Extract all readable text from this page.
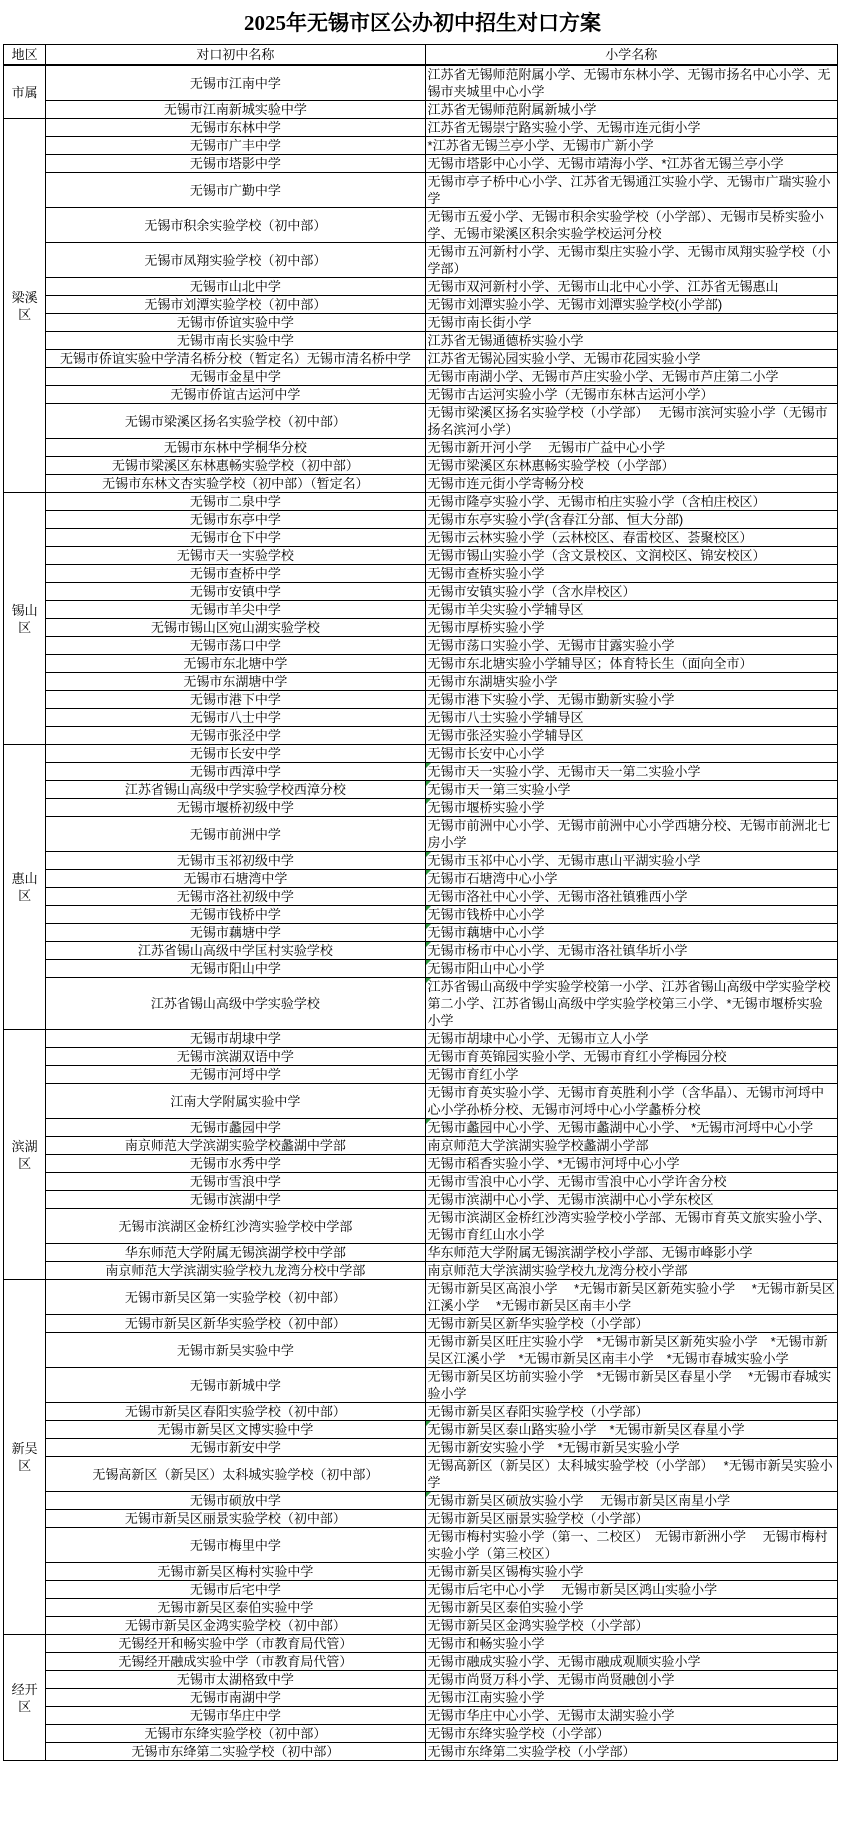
2025年无锡市区公办初中招生对口方案
地区	对口初中名称	小学名称
市属	无锡市江南中学	江苏省无锡师范附属小学、无锡市东林小学、无锡市扬名中心小学、无锡市夹城里中心小学
	无锡市江南新城实验中学	江苏省无锡师范附属新城小学
梁溪区	无锡市东林中学	江苏省无锡崇宁路实验小学、无锡市连元街小学
	无锡市广丰中学	*江苏省无锡兰亭小学、无锡市广新小学
	无锡市塔影中学	无锡市塔影中心小学、无锡市靖海小学、*江苏省无锡兰亭小学
	无锡市广勤中学	无锡市亭子桥中心小学、江苏省无锡通江实验小学、无锡市广瑞实验小学
	无锡市积余实验学校（初中部）	无锡市五爱小学、无锡市积余实验学校（小学部）、无锡市吴桥实验小学、无锡市梁溪区积余实验学校运河分校
	无锡市凤翔实验学校（初中部）	无锡市五河新村小学、无锡市梨庄实验小学、无锡市凤翔实验学校（小学部）
	无锡市山北中学	无锡市双河新村小学、无锡市山北中心小学、江苏省无锡惠山
	无锡市刘潭实验学校（初中部）	无锡市刘潭实验小学、无锡市刘潭实验学校(小学部)
	无锡市侨谊实验中学	无锡市南长街小学
	无锡市南长实验中学	江苏省无锡通德桥实验小学
	无锡市侨谊实验中学清名桥分校（暂定名）无锡市清名桥中学	江苏省无锡沁园实验小学、无锡市花园实验小学
	无锡市金星中学	无锡市南湖小学、无锡市芦庄实验小学、无锡市芦庄第二小学
	无锡市侨谊古运河中学	无锡市古运河实验小学（无锡市东林古运河小学）
	无锡市梁溪区扬名实验学校（初中部）	无锡市梁溪区扬名实验学校（小学部）　 无锡市滨河实验小学（无锡市扬名滨河小学）
	无锡市东林中学桐华分校	无锡市新开河小学　 无锡市广益中心小学
	无锡市梁溪区东林惠畅实验学校（初中部）	无锡市梁溪区东林惠畅实验学校（小学部）
	无锡市东林文杏实验学校（初中部）（暂定名）	无锡市连元街小学寄畅分校
锡山区	无锡市二泉中学	无锡市隆亭实验小学、无锡市柏庄实验小学（含柏庄校区）
	无锡市东亭中学	无锡市东亭实验小学(含春江分部、恒大分部)
	无锡市仓下中学	无锡市云林实验小学（云林校区、春雷校区、荟聚校区）
	无锡市天一实验学校	无锡市锡山实验小学（含文景校区、文润校区、锦安校区）
	无锡市查桥中学	无锡市查桥实验小学
	无锡市安镇中学	无锡市安镇实验小学（含水岸校区）
	无锡市羊尖中学	无锡市羊尖实验小学辅导区
	无锡市锡山区宛山湖实验学校	无锡市厚桥实验小学
	无锡市荡口中学	无锡市荡口实验小学、无锡市甘露实验小学
	无锡市东北塘中学	无锡市东北塘实验小学辅导区；体育特长生（面向全市）
	无锡市东湖塘中学	无锡市东湖塘实验小学
	无锡市港下中学	无锡市港下实验小学、无锡市勤新实验小学
	无锡市八士中学	无锡市八士实验小学辅导区
	无锡市张泾中学	无锡市张泾实验小学辅导区
惠山区	无锡市长安中学	无锡市长安中心小学
	无锡市西漳中学	无锡市天一实验小学、无锡市天一第二实验小学
	江苏省锡山高级中学实验学校西漳分校	无锡市天一第三实验小学
	无锡市堰桥初级中学	无锡市堰桥实验小学
	无锡市前洲中学	无锡市前洲中心小学、无锡市前洲中心小学西塘分校、无锡市前洲北七房小学
	无锡市玉祁初级中学	无锡市玉祁中心小学、无锡市惠山平湖实验小学
	无锡市石塘湾中学	无锡市石塘湾中心小学
	无锡市洛社初级中学	无锡市洛社中心小学、无锡市洛社镇雅西小学
	无锡市钱桥中学	无锡市钱桥中心小学
	无锡市藕塘中学	无锡市藕塘中心小学
	江苏省锡山高级中学匡村实验学校	无锡市杨市中心小学、无锡市洛社镇华圻小学
	无锡市阳山中学	无锡市阳山中心小学
	江苏省锡山高级中学实验学校	江苏省锡山高级中学实验学校第一小学、江苏省锡山高级中学实验学校第二小学、江苏省锡山高级中学实验学校第三小学、*无锡市堰桥实验小学
滨湖区	无锡市胡埭中学	无锡市胡埭中心小学、无锡市立人小学
	无锡市滨湖双语中学	无锡市育英锦园实验小学、无锡市育红小学梅园分校
	无锡市河埒中学	无锡市育红小学
	江南大学附属实验中学	无锡市育英实验小学、无锡市育英胜利小学（含华晶）、无锡市河埒中心小学孙桥分校、无锡市河埒中心小学蠡桥分校
	无锡市蠡园中学	无锡市蠡园中心小学、无锡市蠡湖中心小学、 *无锡市河埒中心小学
	南京师范大学滨湖实验学校蠡湖中学部	南京师范大学滨湖实验学校蠡湖小学部
	无锡市水秀中学	无锡市稻香实验小学、*无锡市河埒中心小学
	无锡市雪浪中学	无锡市雪浪中心小学、无锡市雪浪中心小学许舍分校
	无锡市滨湖中学	无锡市滨湖中心小学、无锡市滨湖中心小学东校区
	无锡市滨湖区金桥红沙湾实验学校中学部	无锡市滨湖区金桥红沙湾实验学校小学部、无锡市育英文旅实验小学、无锡市育红山水小学
	华东师范大学附属无锡滨湖学校中学部	华东师范大学附属无锡滨湖学校小学部、无锡市峰影小学
	南京师范大学滨湖实验学校九龙湾分校中学部	南京师范大学滨湖实验学校九龙湾分校小学部
新吴区	无锡市新吴区第一实验学校（初中部）	无锡市新吴区高浪小学　 *无锡市新吴区新苑实验小学　 *无锡市新吴区江溪小学　 *无锡市新吴区南丰小学
	无锡市新吴区新华实验学校（初中部）	无锡市新吴区新华实验学校（小学部）
	无锡市新吴实验中学	无锡市新吴区旺庄实验小学　*无锡市新吴区新苑实验小学　*无锡市新吴区江溪小学　*无锡市新吴区南丰小学　*无锡市春城实验小学
	无锡市新城中学	无锡市新吴区坊前实验小学　*无锡市新吴区春星小学　 *无锡市春城实验小学
	无锡市新吴区春阳实验学校（初中部）	无锡市新吴区春阳实验学校（小学部）
	无锡市新吴区文博实验中学	无锡市新吴区泰山路实验小学　*无锡市新吴区春星小学
	无锡市新安中学	无锡市新安实验小学　*无锡市新吴实验小学
	无锡高新区（新吴区）太科城实验学校（初中部）	无锡高新区（新吴区）太科城实验学校（小学部）　 *无锡市新吴实验小学
	无锡市硕放中学	无锡市新吴区硕放实验小学　 无锡市新吴区南星小学
	无锡市新吴区丽景实验学校（初中部）	无锡市新吴区丽景实验学校（小学部）
	无锡市梅里中学	无锡市梅村实验小学（第一、二校区）　无锡市新洲小学　 无锡市梅村实验小学（第三校区）
	无锡市新吴区梅村实验中学	无锡市新吴区锡梅实验小学
	无锡市后宅中学	无锡市后宅中心小学　 无锡市新吴区鸿山实验小学
	无锡市新吴区泰伯实验中学	无锡市新吴区泰伯实验小学
	无锡市新吴区金鸿实验学校（初中部）	无锡市新吴区金鸿实验学校（小学部）
经开区	无锡经开和畅实验中学（市教育局代管）	无锡市和畅实验小学
	无锡经开融成实验中学（市教育局代管）	无锡市融成实验小学、无锡市融成观顺实验小学
	无锡市太湖格致中学	无锡市尚贤万科小学、无锡市尚贤融创小学
	无锡市南湖中学	无锡市江南实验小学
	无锡市华庄中学	无锡市华庄中心小学、无锡市太湖实验小学
	无锡市东绛实验学校（初中部）	无锡市东绛实验学校（小学部）
	无锡市东绛第二实验学校（初中部）	无锡市东绛第二实验学校（小学部）
